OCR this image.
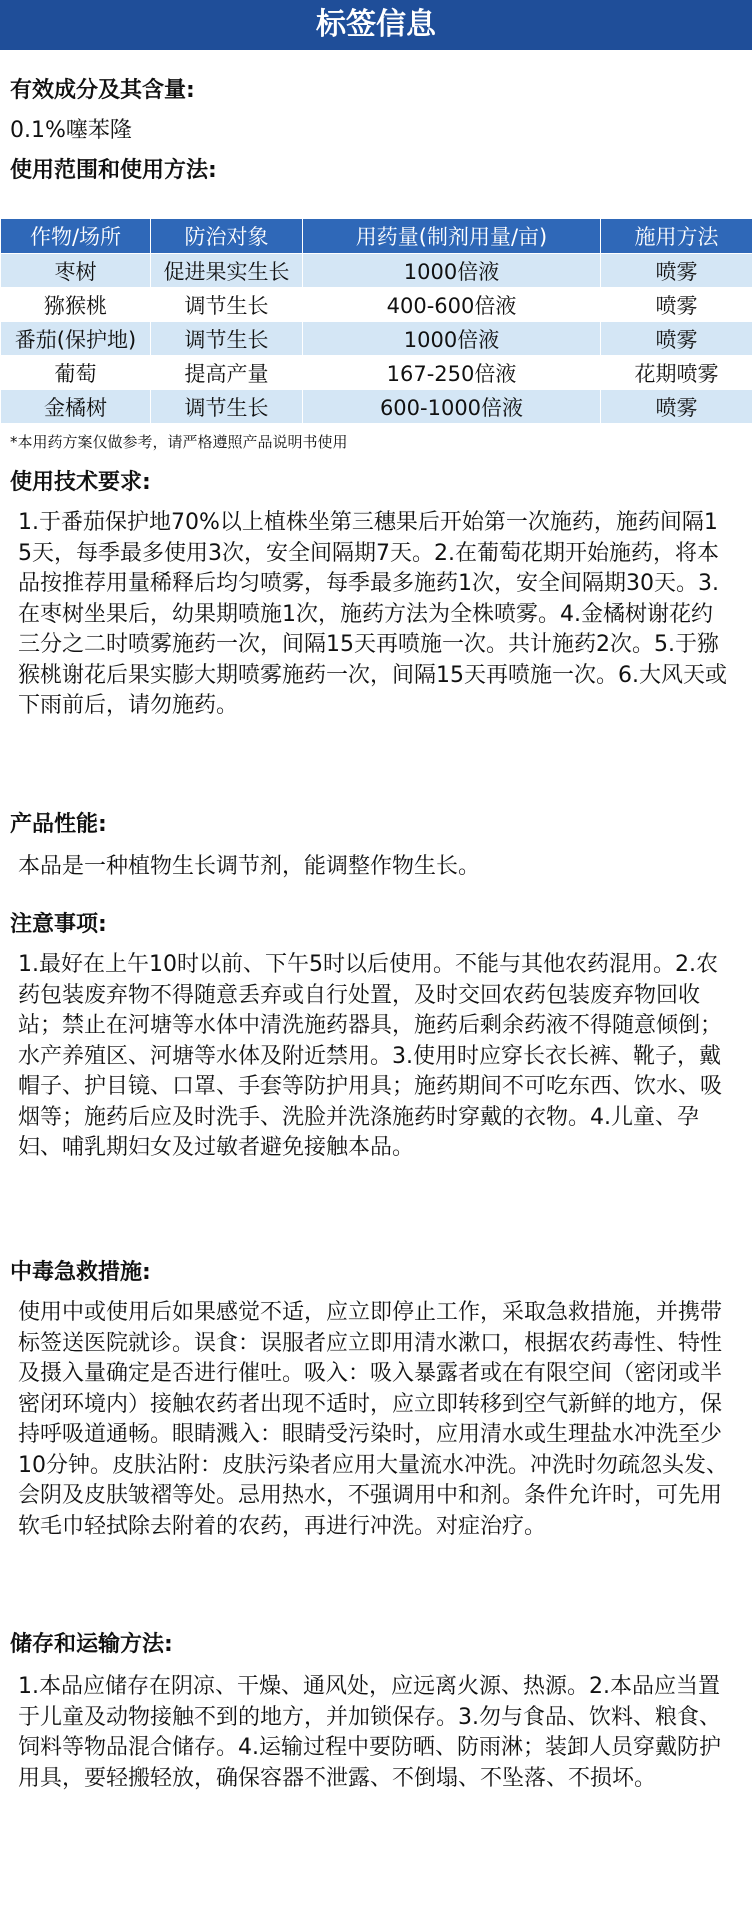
标签信息
有效成分及其含量:
0.1%噻苯隆
使用范围和使用方法:
作物/场所	防治对象	用药量(制剂用量/亩)	施用方法
枣树	促进果实生长	1000倍液	喷雾
猕猴桃	调节生长	400-600倍液	喷雾
番茄(保护地)	调节生长	1000倍液	喷雾
葡萄	提高产量	167-250倍液	花期喷雾
金橘树	调节生长	600-1000倍液	喷雾
*本用药方案仅做参考，请严格遵照产品说明书使用
使用技术要求:
1.于番茄保护地70%以上植株坐第三穗果后开始第一次施药，施药间隔15天，每季最多使用3次，安全间隔期7天。2.在葡萄花期开始施药，将本品按推荐用量稀释后均匀喷雾，每季最多施药1次，安全间隔期30天。3.在枣树坐果后，幼果期喷施1次，施药方法为全株喷雾。4.金橘树谢花约三分之二时喷雾施药一次，间隔15天再喷施一次。共计施药2次。5.于猕猴桃谢花后果实膨大期喷雾施药一次，间隔15天再喷施一次。6.大风天或下雨前后，请勿施药。
产品性能:
本品是一种植物生长调节剂，能调整作物生长。
注意事项:
1.最好在上午10时以前、下午5时以后使用。不能与其他农药混用。2.农药包装废弃物不得随意丢弃或自行处置，及时交回农药包装废弃物回收站；禁止在河塘等水体中清洗施药器具，施药后剩余药液不得随意倾倒；水产养殖区、河塘等水体及附近禁用。3.使用时应穿长衣长裤、靴子，戴帽子、护目镜、口罩、手套等防护用具；施药期间不可吃东西、饮水、吸烟等；施药后应及时洗手、洗脸并洗涤施药时穿戴的衣物。4.儿童、孕妇、哺乳期妇女及过敏者避免接触本品。
中毒急救措施:
使用中或使用后如果感觉不适，应立即停止工作，采取急救措施，并携带标签送医院就诊。误食：误服者应立即用清水漱口，根据农药毒性、特性及摄入量确定是否进行催吐。吸入：吸入暴露者或在有限空间（密闭或半密闭环境内）接触农药者出现不适时，应立即转移到空气新鲜的地方，保持呼吸道通畅。眼睛溅入：眼睛受污染时，应用清水或生理盐水冲洗至少10分钟。皮肤沾附：皮肤污染者应用大量流水冲洗。冲洗时勿疏忽头发、会阴及皮肤皱褶等处。忌用热水，不强调用中和剂。条件允许时，可先用软毛巾轻拭除去附着的农药，再进行冲洗。对症治疗。
储存和运输方法:
1.本品应储存在阴凉、干燥、通风处，应远离火源、热源。2.本品应当置于儿童及动物接触不到的地方，并加锁保存。3.勿与食品、饮料、粮食、饲料等物品混合储存。4.运输过程中要防晒、防雨淋；装卸人员穿戴防护用具，要轻搬轻放，确保容器不泄露、不倒塌、不坠落、不损坏。
